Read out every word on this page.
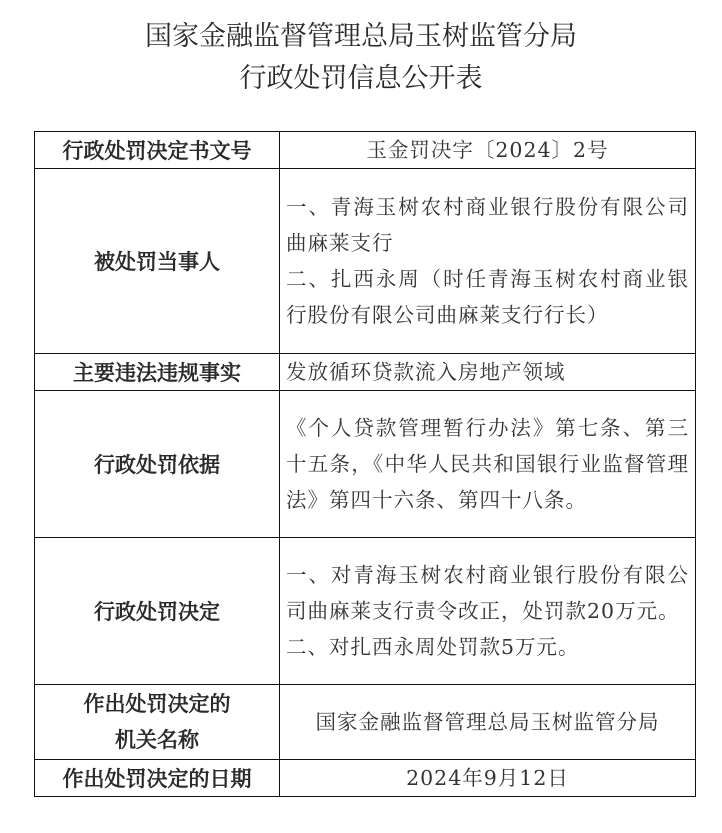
国家金融监督管理总局玉树监管分局
行政处罚信息公开表
行政处罚决定书文号	玉金罚决字〔2024〕2号
被处罚当事人	一、青海玉树农村商业银行股份有限公司曲麻莱支行
二、扎西永周（时任青海玉树农村商业银行股份有限公司曲麻莱支行行长）

主要违法违规事实	发放循环贷款流入房地产领域
行政处罚依据	《个人贷款管理暂行办法》第七条、第三十五条，《中华人民共和国银行业监督管理法》第四十六条、第四十八条。
行政处罚决定	一、对青海玉树农村商业银行股份有限公司曲麻莱支行责令改正，处罚款20万元。
二、对扎西永周处罚款5万元。

作出处罚决定的
机关名称	国家金融监督管理总局玉树监管分局
作出处罚决定的日期	2024年9月12日
